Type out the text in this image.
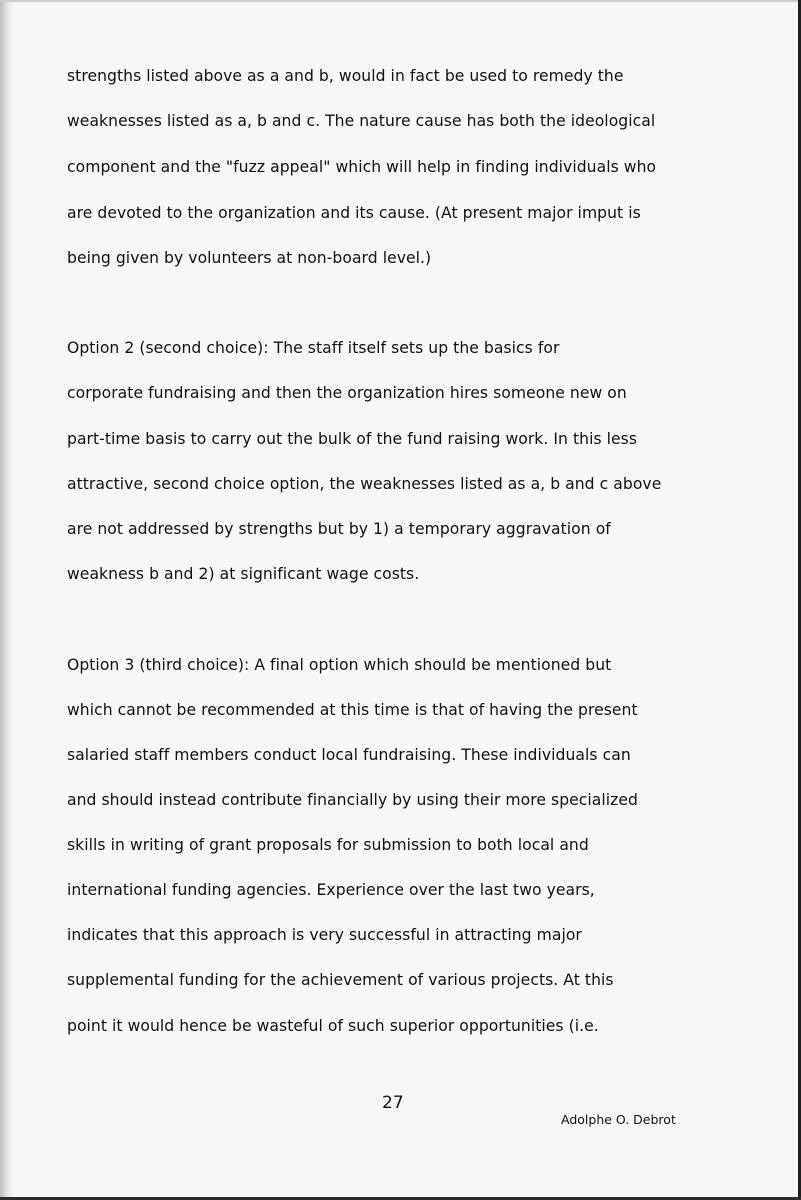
strengths listed above as a and b, would in fact be used to remedy the
weaknesses listed as a, b and c. The nature cause has both the ideological
component and the "fuzz appeal" which will help in finding individuals who
are devoted to the organization and its cause. (At present major imput is
being given by volunteers at non-board level.)
Option 2 (second choice): The staff itself sets up the basics for
corporate fundraising and then the organization hires someone new on
part-time basis to carry out the bulk of the fund raising work. In this less
attractive, second choice option, the weaknesses listed as a, b and c above
are not addressed by strengths but by 1) a temporary aggravation of
weakness b and 2) at significant wage costs.
Option 3 (third choice): A final option which should be mentioned but
which cannot be recommended at this time is that of having the present
salaried staff members conduct local fundraising. These individuals can
and should instead contribute financially by using their more specialized
skills in writing of grant proposals for submission to both local and
international funding agencies. Experience over the last two years,
indicates that this approach is very successful in attracting major
supplemental funding for the achievement of various projects. At this
point it would hence be wasteful of such superior opportunities (i.e.
27
Adolphe O. Debrot
